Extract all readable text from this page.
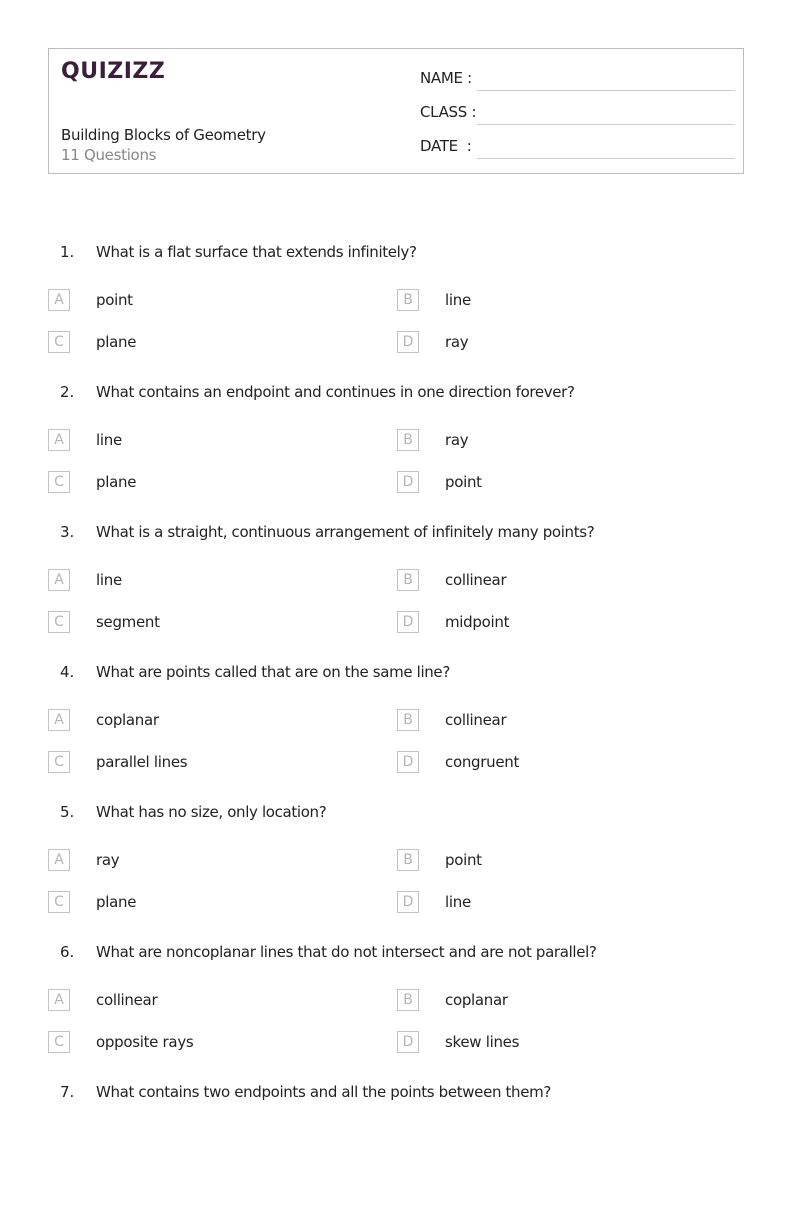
QUIZIZZ
Building Blocks of Geometry
11 Questions
NAME :
CLASS :
DATE  :
1. What is a flat surface that extends infinitely?
A	point	B	line
C	plane	D	ray
2. What contains an endpoint and continues in one direction forever?
A	line	B	ray
C	plane	D	point
3. What is a straight, continuous arrangement of infinitely many points?
A	line	B	collinear
C	segment	D	midpoint
4. What are points called that are on the same line?
A	coplanar	B	collinear
C	parallel lines	D	congruent
5. What has no size, only location?
A	ray	B	point
C	plane	D	line
6. What are noncoplanar lines that do not intersect and are not parallel?
A	collinear	B	coplanar
C	opposite rays	D	skew lines
7. What contains two endpoints and all the points between them?
